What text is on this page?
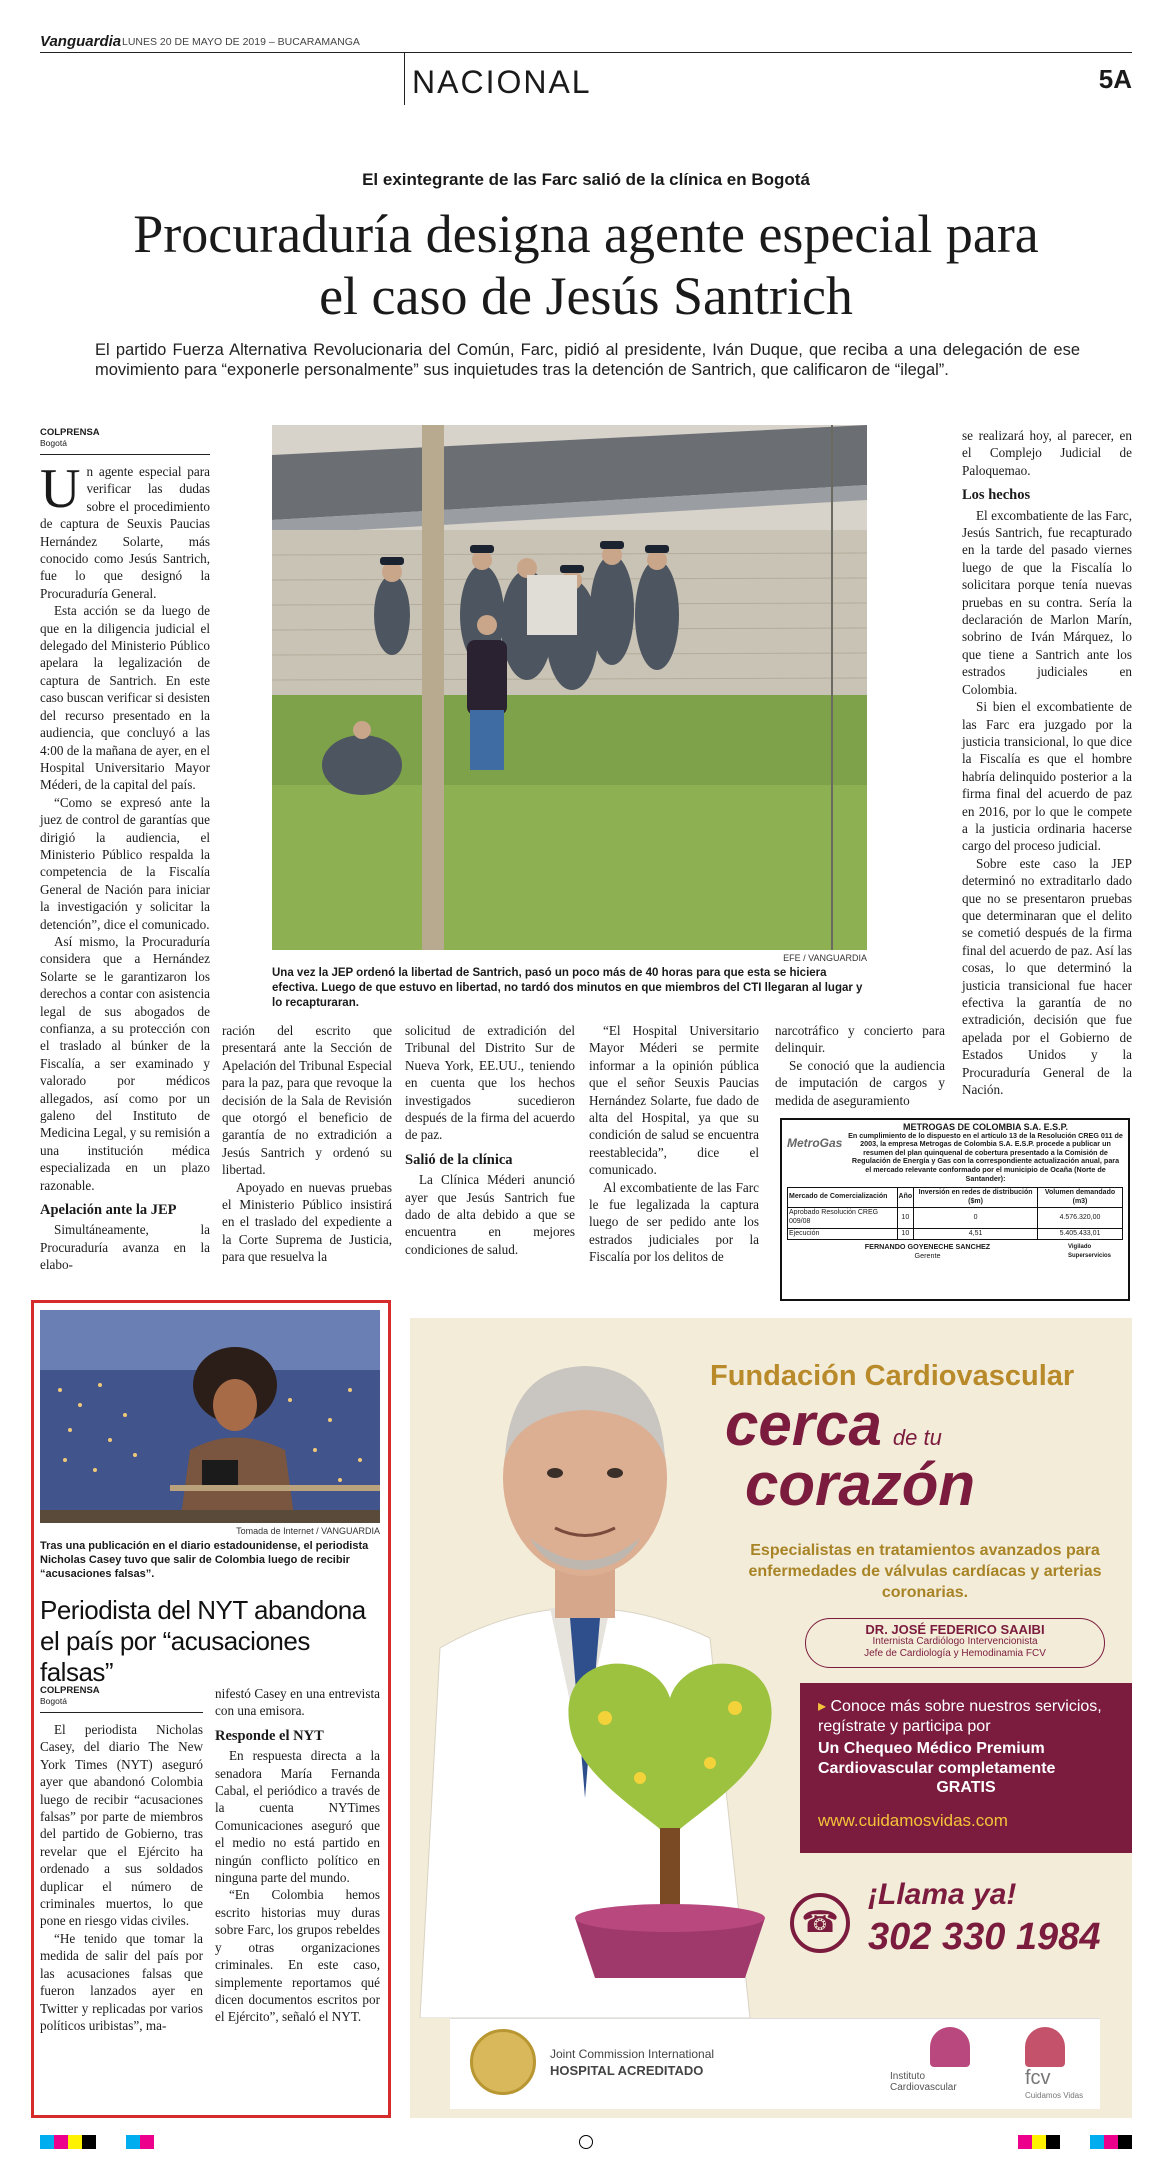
Vanguardia LUNES 20 DE MAYO DE 2019 – BUCARAMANGA
NACIONAL	5A
El exintegrante de las Farc salió de la clínica en Bogotá
Procuraduría designa agente especial para
el caso de Jesús Santrich
El partido Fuerza Alternativa Revolucionaria del Común, Farc, pidió al presidente, Iván Duque, que reciba a una delegación de ese movimiento para “exponerle personalmente” sus inquietudes tras la detención de Santrich, que calificaron de “ilegal”.
COLPRENSA
Bogotá
U n agente especial para verificar las dudas sobre el procedimiento de captura de Seuxis Paucias Hernández Solarte, más conocido como Jesús Santrich, fue lo que designó la Procuraduría General.

Esta acción se da luego de que en la diligencia judicial el delegado del Ministerio Público apelara la legalización de captura de Santrich. En este caso buscan verificar si desisten del recurso presentado en la audiencia, que concluyó a las 4:00 de la mañana de ayer, en el Hospital Universitario Mayor Méderi, de la capital del país.

“Como se expresó ante la juez de control de garantías que dirigió la audiencia, el Ministerio Público respalda la competencia de la Fiscalía General de Nación para iniciar la investigación y solicitar la detención”, dice el comunicado.

Así mismo, la Procuraduría considera que a Hernández Solarte se le garantizaron los derechos a contar con asistencia legal de sus abogados de confianza, a su protección con el traslado al búnker de la Fiscalía, a ser examinado y valorado por médicos allegados, así como por un galeno del Instituto de Medicina Legal, y su remisión a una institución médica especializada en un plazo razonable.

Apelación ante la JEP

Simultáneamente, la Procuraduría avanza en la elabo-

EFE / VANGUARDIA
Una vez la JEP ordenó la libertad de Santrich, pasó un poco más de 40 horas para que esta se hiciera efectiva. Luego de que estuvo en libertad, no tardó dos minutos en que miembros del CTI llegaran al lugar y lo recapturaran.

ración del escrito que presentará ante la Sección de Apelación del Tribunal Especial para la paz, para que revoque la decisión de la Sala de Revisión que otorgó el beneficio de garantía de no extradición a Jesús Santrich y ordenó su libertad.

Apoyado en nuevas pruebas el Ministerio Público insistirá en el traslado del expediente a la Corte Suprema de Justicia, para que resuelva la

solicitud de extradición del Tribunal del Distrito Sur de Nueva York, EE.UU., teniendo en cuenta que los hechos investigados sucedieron después de la firma del acuerdo de paz.

Salió de la clínica

La Clínica Méderi anunció ayer que Jesús Santrich fue dado de alta debido a que se encuentra en mejores condiciones de salud.

“El Hospital Universitario Mayor Méderi se permite informar a la opinión pública que el señor Seuxis Paucias Hernández Solarte, fue dado de alta del Hospital, ya que su condición de salud se encuentra reestablecida”, dice el comunicado.

Al excombatiente de las Farc le fue legalizada la captura luego de ser pedido ante los estrados judiciales por la Fiscalía por los delitos de

narcotráfico y concierto para delinquir.

Se conoció que la audiencia de imputación de cargos y medida de aseguramiento

se realizará hoy, al parecer, en el Complejo Judicial de Paloquemao.

Los hechos

El excombatiente de las Farc, Jesús Santrich, fue recapturado en la tarde del pasado viernes luego de que la Fiscalía lo solicitara porque tenía nuevas pruebas en su contra. Sería la declaración de Marlon Marín, sobrino de Iván Márquez, lo que tiene a Santrich ante los estrados judiciales en Colombia.

Si bien el excombatiente de las Farc era juzgado por la justicia transicional, lo que dice la Fiscalía es que el hombre habría delinquido posterior a la firma final del acuerdo de paz en 2016, por lo que le compete a la justicia ordinaria hacerse cargo del proceso judicial.

Sobre este caso la JEP determinó no extraditarlo dado que no se presentaron pruebas que determinaran que el delito se cometió después de la firma final del acuerdo de paz. Así las cosas, lo que determinó la justicia transicional fue hacer efectiva la garantía de no extradición, decisión que fue apelada por el Gobierno de Estados Unidos y la Procuraduría General de la Nación.

MetroGas
METROGAS DE COLOMBIA S.A. E.S.P.
En cumplimiento de lo dispuesto en el artículo 13 de la Resolución CREG 011 de 2003, la empresa Metrogas de Colombia S.A. E.S.P. procede a publicar un resumen del plan quinquenal de cobertura presentado a la Comisión de Regulación de Energía y Gas con la correspondiente actualización anual, para el mercado relevante conformado por el municipio de Ocaña (Norte de Santander):
Mercado de Comercialización	Año	Inversión en redes de distribución ($m)	Volumen demandado (m3)
Aprobado Resolución CREG 009/08	10	0	4.576.320,00
Ejecución	10	4,51	5.405.433,01
FERNANDO GOYENECHE SANCHEZ
Gerente
Vigilado Superservicios
Tomada de Internet / VANGUARDIA
Tras una publicación en el diario estadounidense, el periodista Nicholas Casey tuvo que salir de Colombia luego de recibir “acusaciones falsas”.
Periodista del NYT abandona el país por “acusaciones falsas”
COLPRENSA
Bogotá

El periodista Nicholas Casey, del diario The New York Times (NYT) aseguró ayer que abandonó Colombia luego de recibir “acusaciones falsas” por parte de miembros del partido de Gobierno, tras revelar que el Ejército ha ordenado a sus soldados duplicar el número de criminales muertos, lo que pone en riesgo vidas civiles.

“He tenido que tomar la medida de salir del país por las acusaciones falsas que fueron lanzados ayer en Twitter y replicadas por varios políticos uribistas”, ma-

nifestó Casey en una entrevista con una emisora.

Responde el NYT

En respuesta directa a la senadora María Fernanda Cabal, el periódico a través de la cuenta NYTimes Comunicaciones aseguró que el medio no está partido en ningún conflicto político en ninguna parte del mundo.

“En Colombia hemos escrito historias muy duras sobre Farc, los grupos rebeldes y otras organizaciones criminales. En este caso, simplemente reportamos qué dicen documentos escritos por el Ejército”, señaló el NYT.

Fundación Cardiovascular
cerca de tu
corazón
Especialistas en tratamientos avanzados para enfermedades de válvulas cardíacas y arterias coronarias.
DR. JOSÉ FEDERICO SAAIBI
Internista Cardiólogo Intervencionista
Jefe de Cardiología y Hemodinamia FCV
▸ Conoce más sobre nuestros servicios, regístrate y participa por
Un Chequeo Médico Premium Cardiovascular completamente
GRATIS
www.cuidamosvidas.com
☎
¡Llama ya!
302 330 1984
Joint Commission International
HOSPITAL ACREDITADO	Instituto
Cardiovascular	fcv
Cuidamos Vidas
